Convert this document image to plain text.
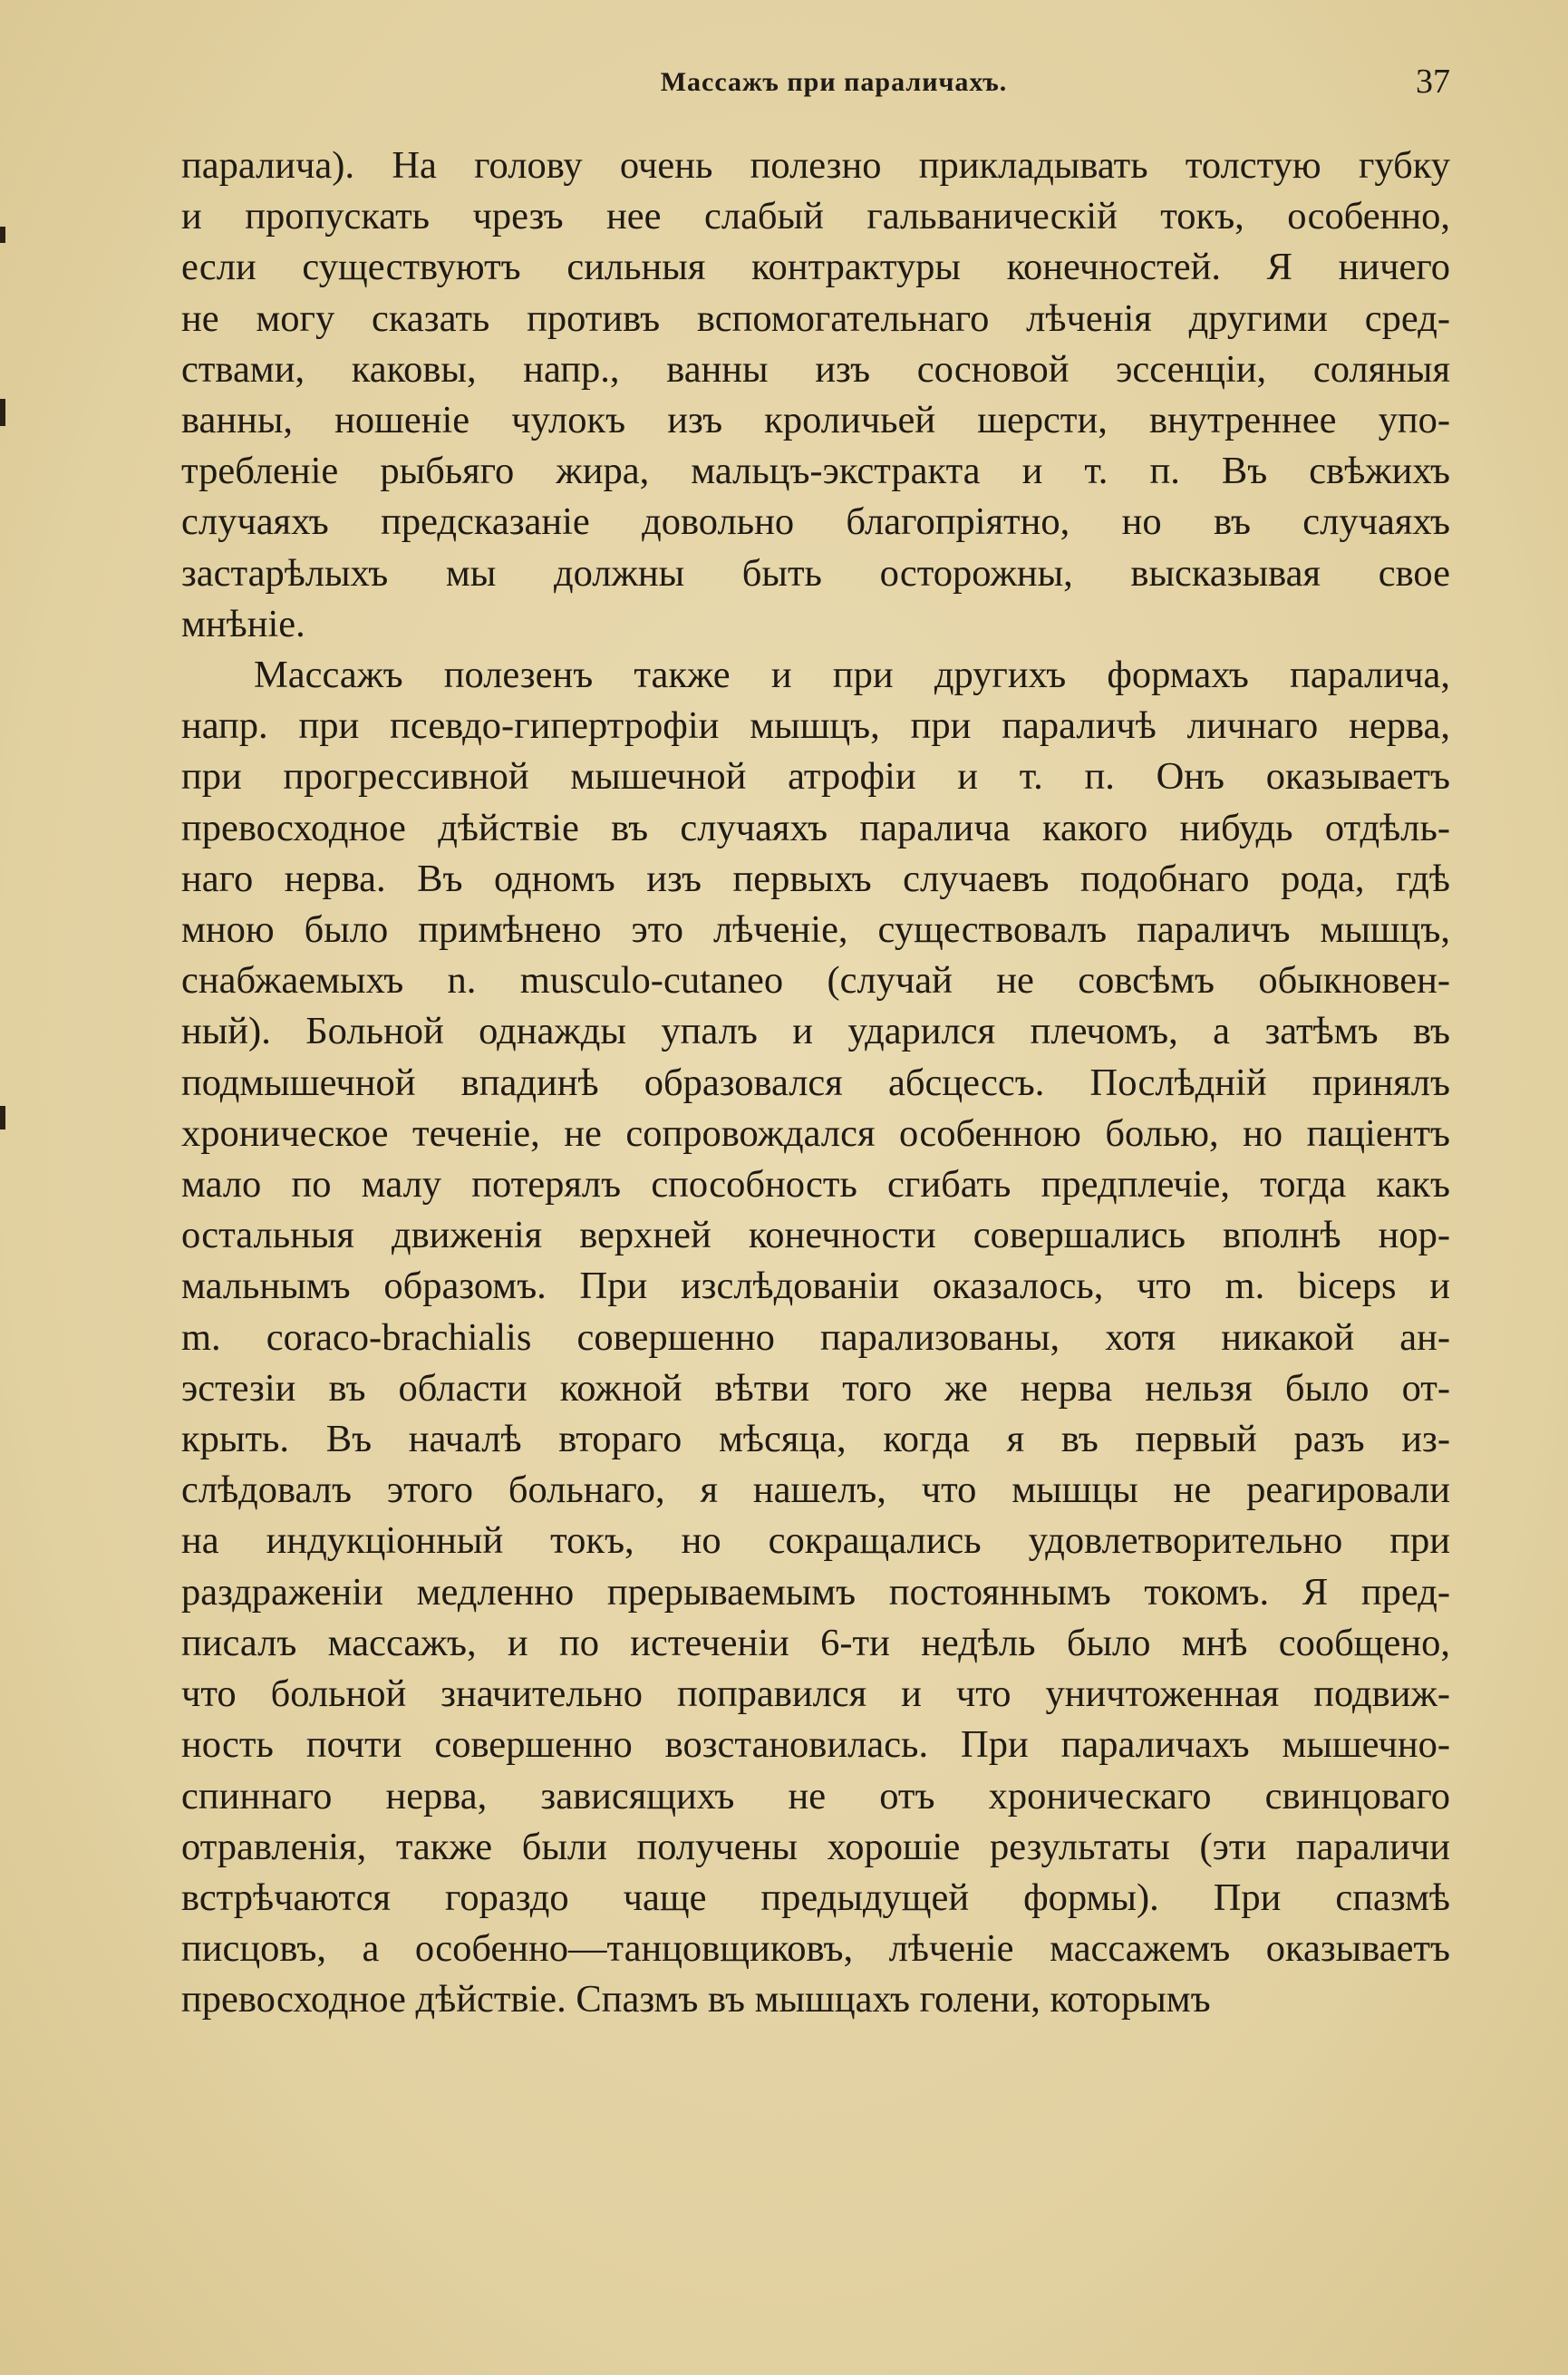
Массажъ при параличахъ.	37
паралича). На голову очень полезно прикладывать толстую губку
и пропускать чрезъ нее слабый гальваническій токъ, особенно,
если существуютъ сильныя контрактуры конечностей. Я ничего
не могу сказать противъ вспомогательнаго лѣченія другими сред-
ствами, каковы, напр., ванны изъ сосновой эссенціи, соляныя
ванны, ношеніе чулокъ изъ кроличьей шерсти, внутреннее упо-
требленіе рыбьяго жира, мальцъ-экстракта и т. п. Въ свѣжихъ
случаяхъ предсказаніе довольно благопріятно, но въ случаяхъ
застарѣлыхъ мы должны быть осторожны, высказывая свое
мнѣніе.
Массажъ полезенъ также и при другихъ формахъ паралича,
напр. при псевдо-гипертрофіи мышцъ, при параличѣ личнаго нерва,
при прогрессивной мышечной атрофіи и т. п. Онъ оказываетъ
превосходное дѣйствіе въ случаяхъ паралича какого нибудь отдѣль-
наго нерва. Въ одномъ изъ первыхъ случаевъ подобнаго рода, гдѣ
мною было примѣнено это лѣченіе, существовалъ параличъ мышцъ,
снабжаемыхъ n. musculo-cutaneo (случай не совсѣмъ обыкновен-
ный). Больной однажды упалъ и ударился плечомъ, а затѣмъ въ
подмышечной впадинѣ образовался абсцессъ. Послѣдній принялъ
хроническое теченіе, не сопровождался особенною болью, но паціентъ
мало по малу потерялъ способность сгибать предплечіе, тогда какъ
остальныя движенія верхней конечности совершались вполнѣ нор-
мальнымъ образомъ. При изслѣдованіи оказалось, что m. biceps и
m. coraco-brachialis совершенно парализованы, хотя никакой ан-
эстезіи въ области кожной вѣтви того же нерва нельзя было от-
крыть. Въ началѣ втораго мѣсяца, когда я въ первый разъ из-
слѣдовалъ этого больнаго, я нашелъ, что мышцы не реагировали
на индукціонный токъ, но сокращались удовлетворительно при
раздраженіи медленно прерываемымъ постояннымъ токомъ. Я пред-
писалъ массажъ, и по истеченіи 6-ти недѣль было мнѣ сообщено,
что больной значительно поправился и что уничтоженная подвиж-
ность почти совершенно возстановилась. При параличахъ мышечно-
спиннаго нерва, зависящихъ не отъ хроническаго свинцоваго
отравленія, также были получены хорошіе результаты (эти параличи
встрѣчаются гораздо чаще предыдущей формы). При спазмѣ
писцовъ, а особенно—танцовщиковъ, лѣченіе массажемъ оказываетъ
превосходное дѣйствіе. Спазмъ въ мышцахъ голени, которымъ
